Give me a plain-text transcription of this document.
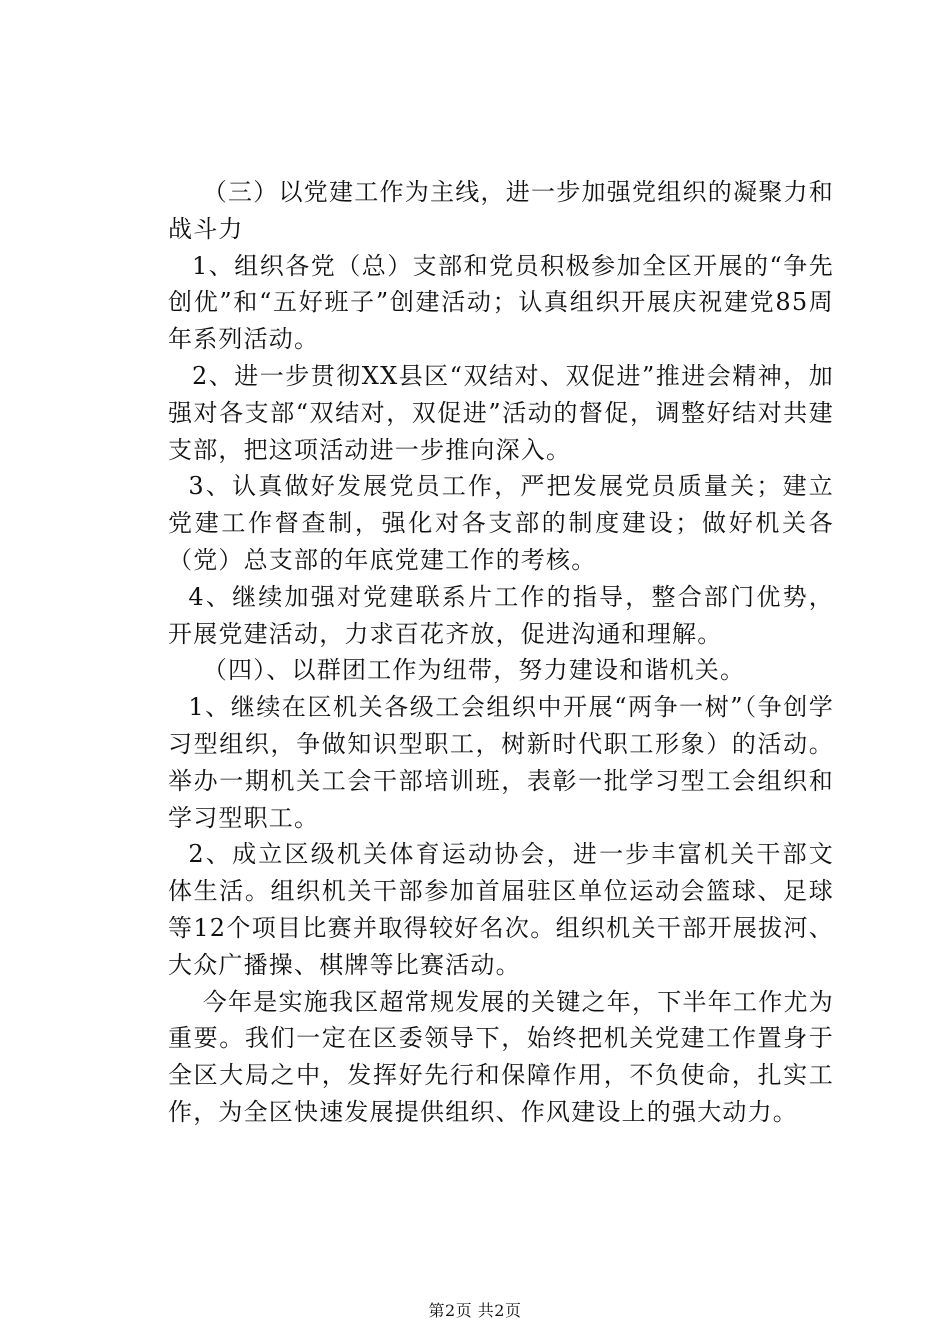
（三）以党建工作为主线，进一步加强党组织的凝聚力和战斗力

1、组织各党（总）支部和党员积极参加全区开展的“争先创优”和“五好班子”创建活动；认真组织开展庆祝建党85周年系列活动。

2、进一步贯彻XX县区“双结对、双促进”推进会精神，加强对各支部“双结对，双促进”活动的督促，调整好结对共建支部，把这项活动进一步推向深入。

3、认真做好发展党员工作，严把发展党员质量关；建立党建工作督查制，强化对各支部的制度建设；做好机关各（党）总支部的年底党建工作的考核。

4、继续加强对党建联系片工作的指导，整合部门优势，开展党建活动，力求百花齐放，促进沟通和理解。

（四）、以群团工作为纽带，努力建设和谐机关。

1、继续在区机关各级工会组织中开展“两争一树”（争创学习型组织，争做知识型职工，树新时代职工形象）的活动。举办一期机关工会干部培训班，表彰一批学习型工会组织和学习型职工。

2、成立区级机关体育运动协会，进一步丰富机关干部文体生活。组织机关干部参加首届驻区单位运动会篮球、足球等12个项目比赛并取得较好名次。组织机关干部开展拔河、大众广播操、棋牌等比赛活动。

今年是实施我区超常规发展的关键之年，下半年工作尤为重要。我们一定在区委领导下，始终把机关党建工作置身于全区大局之中，发挥好先行和保障作用，不负使命，扎实工作，为全区快速发展提供组织、作风建设上的强大动力。

第2页 共2页
